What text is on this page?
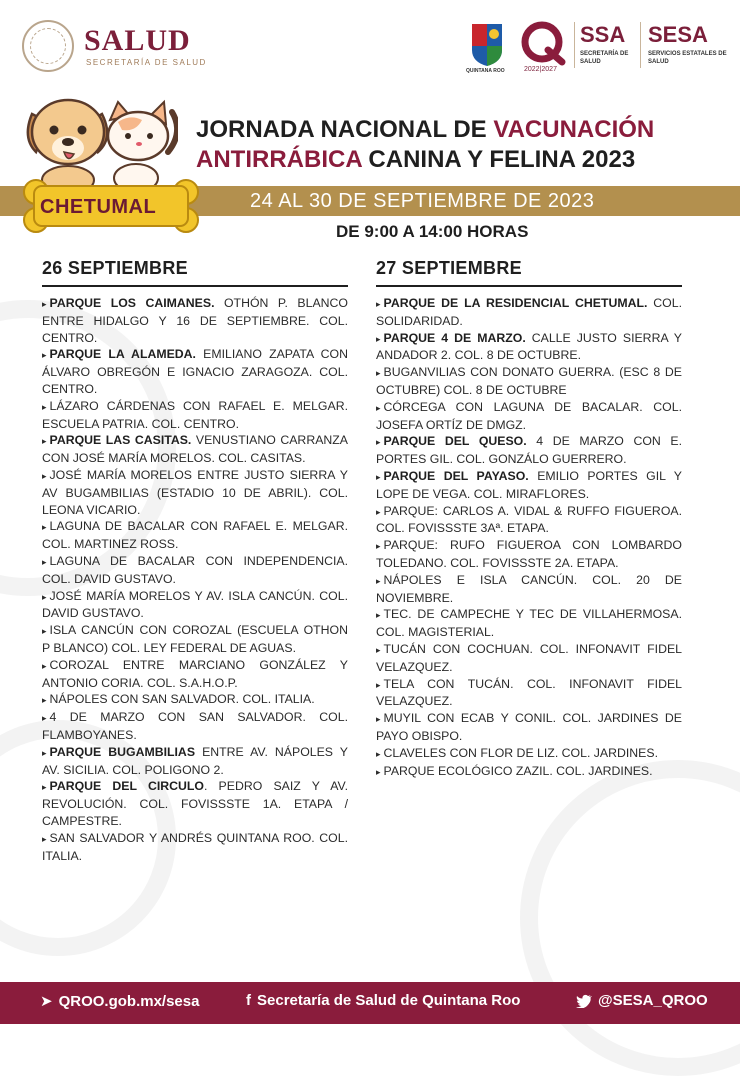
SALUD
SECRETARÍA DE SALUD
QUINTANA ROO	2022|2027
SSA
SECRETARÍA DE SALUD
SESA
SERVICIOS ESTATALES DE SALUD
JORNADA NACIONAL DE VACUNACIÓN
ANTIRRÁBICA CANINA Y FELINA 2023
24 AL 30 DE SEPTIEMBRE DE 2023
CHETUMAL
DE 9:00 A 14:00 HORAS
26 SEPTIEMBRE

▸ PARQUE LOS CAIMANES. OTHÓN P. BLANCO ENTRE HIDALGO Y 16 DE SEPTIEMBRE. COL. CENTRO.

▸ PARQUE LA ALAMEDA. EMILIANO ZAPATA CON ÁLVARO OBREGÓN E IGNACIO ZARAGOZA. COL. CENTRO.

▸ LÁZARO CÁRDENAS CON RAFAEL E. MELGAR. ESCUELA PATRIA. COL. CENTRO.

▸ PARQUE LAS CASITAS. VENUSTIANO CARRANZA CON JOSÉ MARÍA MORELOS. COL. CASITAS.

▸ JOSÉ MARÍA MORELOS ENTRE JUSTO SIERRA Y AV BUGAMBILIAS (ESTADIO 10 DE ABRIL). COL. LEONA VICARIO.

▸ LAGUNA DE BACALAR CON RAFAEL E. MELGAR. COL. MARTINEZ ROSS.

▸ LAGUNA DE BACALAR CON INDEPENDENCIA. COL. DAVID GUSTAVO.

▸ JOSÉ MARÍA MORELOS Y AV. ISLA CANCÚN. COL. DAVID GUSTAVO.

▸ ISLA CANCÚN CON COROZAL (ESCUELA OTHON P BLANCO) COL. LEY FEDERAL DE AGUAS.

▸ COROZAL ENTRE MARCIANO GONZÁLEZ Y ANTONIO CORIA. COL. S.A.H.O.P.

▸ NÁPOLES CON SAN SALVADOR. COL. ITALIA.

▸ 4 DE MARZO CON SAN SALVADOR. COL. FLAMBOYANES.

▸ PARQUE BUGAMBILIAS ENTRE AV. NÁPOLES Y AV. SICILIA. COL. POLIGONO 2.

▸ PARQUE DEL CIRCULO. PEDRO SAIZ Y AV. REVOLUCIÓN. COL. FOVISSSTE 1A. ETAPA / CAMPESTRE.

▸ SAN SALVADOR Y ANDRÉS QUINTANA ROO. COL. ITALIA.

27 SEPTIEMBRE

▸ PARQUE DE LA RESIDENCIAL CHETUMAL. COL. SOLIDARIDAD.

▸ PARQUE 4 DE MARZO. CALLE JUSTO SIERRA Y ANDADOR 2. COL. 8 DE OCTUBRE.

▸ BUGANVILIAS CON DONATO GUERRA. (ESC 8 DE OCTUBRE) COL. 8 DE OCTUBRE

▸ CÓRCEGA CON LAGUNA DE BACALAR. COL. JOSEFA ORTÍZ DE DMGZ.

▸ PARQUE DEL QUESO. 4 DE MARZO CON E. PORTES GIL. COL. GONZÁLO GUERRERO.

▸ PARQUE DEL PAYASO. EMILIO PORTES GIL Y LOPE DE VEGA. COL. MIRAFLORES.

▸ PARQUE: CARLOS A. VIDAL & RUFFO FIGUEROA. COL. FOVISSSTE 3Aª. ETAPA.

▸ PARQUE: RUFO FIGUEROA CON LOMBARDO TOLEDANO. COL. FOVISSSTE 2A. ETAPA.

▸ NÁPOLES E ISLA CANCÚN. COL. 20 DE NOVIEMBRE.

▸ TEC. DE CAMPECHE Y TEC DE VILLAHERMOSA. COL. MAGISTERIAL.

▸ TUCÁN CON COCHUAN. COL. INFONAVIT FIDEL VELAZQUEZ.

▸ TELA CON TUCÁN. COL. INFONAVIT FIDEL VELAZQUEZ.

▸ MUYIL CON ECAB Y CONIL. COL. JARDINES DE PAYO OBISPO.

▸ CLAVELES CON FLOR DE LIZ. COL. JARDINES.

▸ PARQUE ECOLÓGICO ZAZIL. COL. JARDINES.

➤ QROO.gob.mx/sesa	f Secretaría de Salud de Quintana Roo	@SESA_QROO
